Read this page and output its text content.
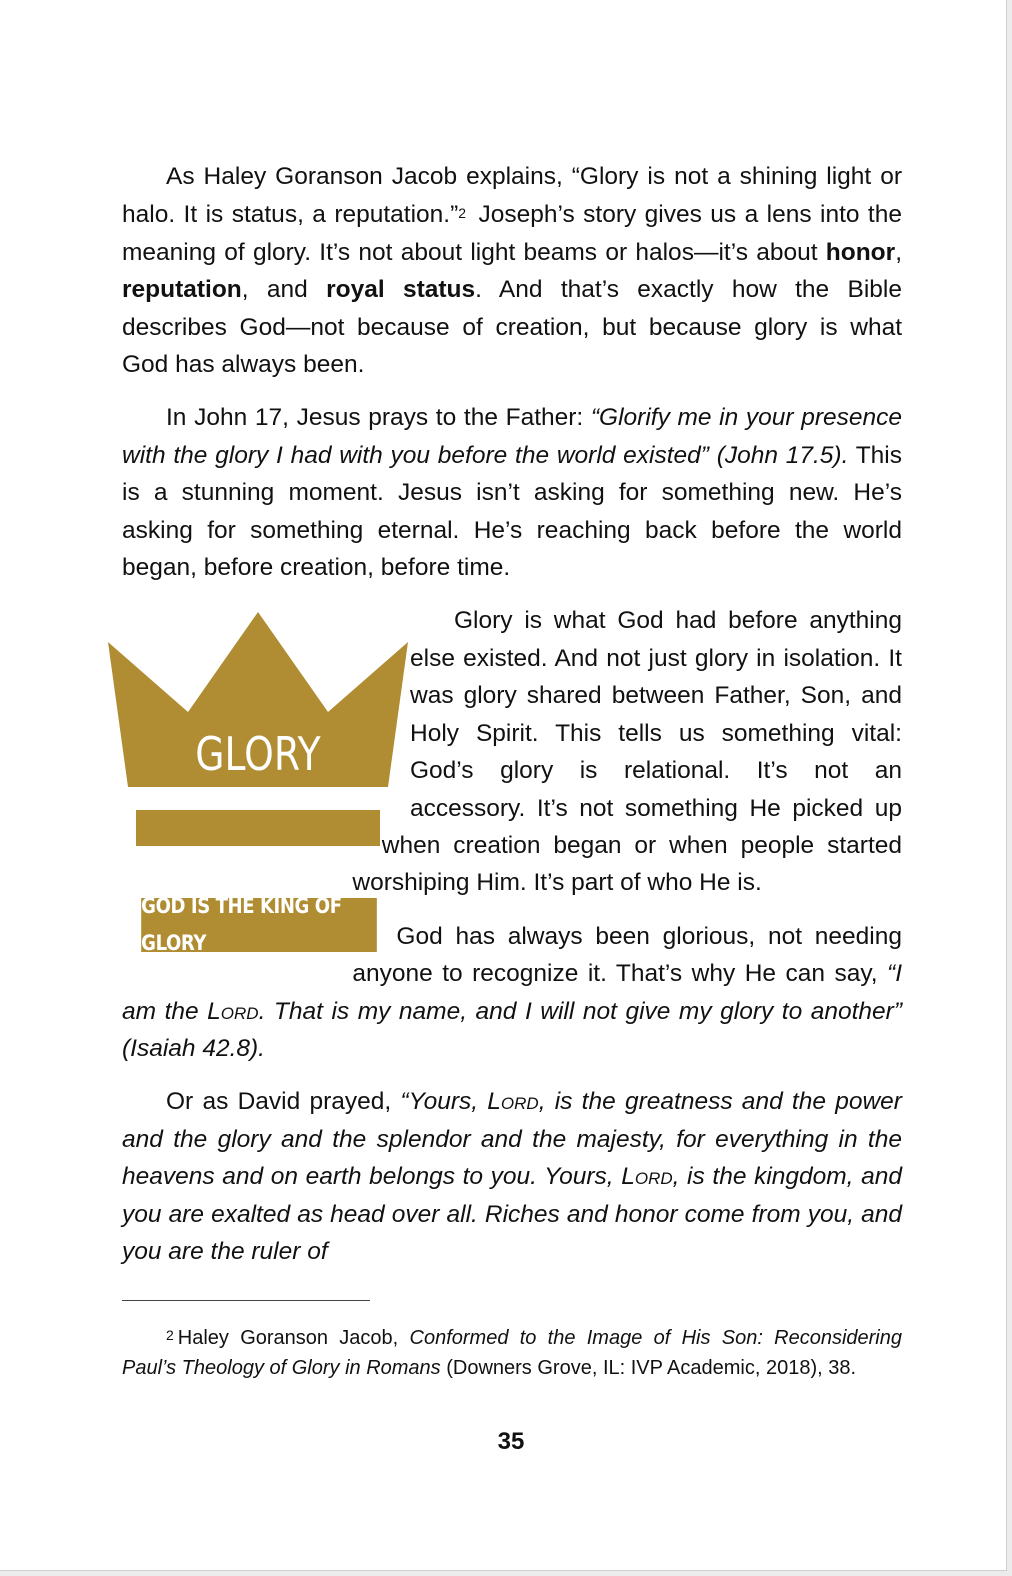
As Haley Goranson Jacob explains, “Glory is not a shining light or halo. It is status, a reputation.”$^2$ Joseph’s story gives us a lens into the meaning of glory. It’s not about light beams or halos—it’s about honor, reputation, and royal status. And that’s exactly how the Bible describes God—not because of creation, but because glory is what God has always been.

In John 17, Jesus prays to the Father: “Glorify me in your presence with the glory I had with you before the world existed” (John 17.5). This is a stunning moment. Jesus isn’t asking for something new. He’s asking for something eternal. He’s reaching back before the world began, before creation, before time.

GLORY
GOD IS THE KING OF GLORY

Glory is what God had before anything else existed. And not just glory in isolation. It was glory shared between Father, Son, and Holy Spirit. This tells us something vital: God’s glory is relational. It’s not an accessory. It’s not something He picked up when creation began or when people started worshiping Him. It’s part of who He is.

God has always been glorious, not needing anyone to recognize it. That’s why He can say, “I am the Lord. That is my name, and I will not give my glory to another” (Isaiah 42.8).

Or as David prayed, “Yours, Lord, is the greatness and the power and the glory and the splendor and the majesty, for everything in the heavens and on earth belongs to you. Yours, Lord, is the kingdom, and you are exalted as head over all. Riches and honor come from you, and you are the ruler of

$^2$ Haley Goranson Jacob, Conformed to the Image of His Son: Reconsidering Paul’s Theology of Glory in Romans (Downers Grove, IL: IVP Academic, 2018), 38.

35
